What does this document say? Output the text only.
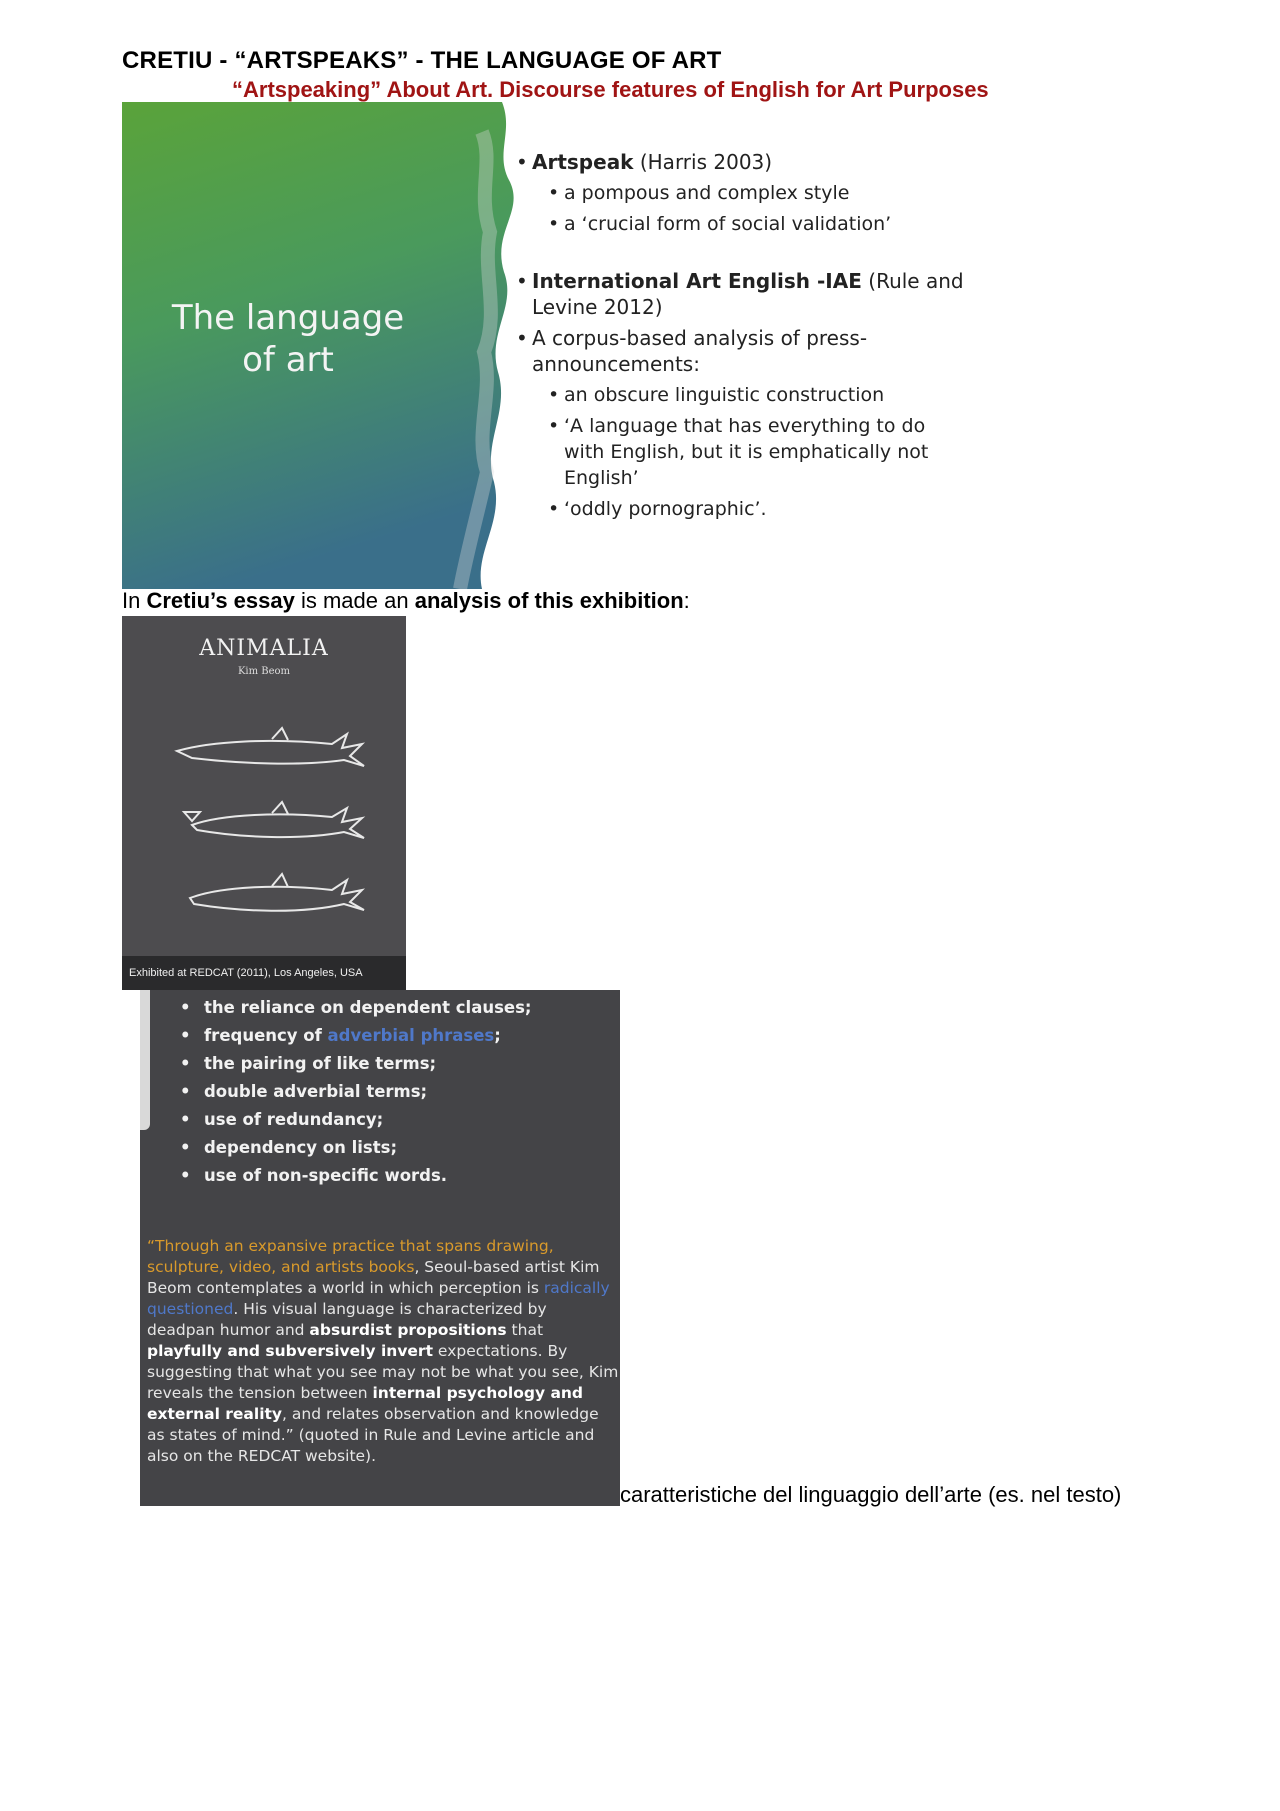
CRETIU - “ARTSPEAKS” - THE LANGUAGE OF ART
“Artspeaking” About Art. Discourse features of English for Art Purposes
The language
of art
• Artspeak (Harris 2003)
• a pompous and complex style
• a ‘crucial form of social validation’
• International Art English -IAE (Rule and Levine 2012)
• A corpus-based analysis of press-announcements:
• an obscure linguistic construction
• ‘A language that has everything to do with English, but it is emphatically not English’
• ‘oddly pornographic’.
In Cretiu’s essay is made an analysis of this exhibition:
ANIMALIA
Kim Beom
Exhibited at REDCAT (2011), Los Angeles, USA
• the reliance on dependent clauses;
• frequency of adverbial phrases;
• the pairing of like terms;
• double adverbial terms;
• use of redundancy;
• dependency on lists;
• use of non-specific words.
“Through an expansive practice that spans drawing, sculpture, video, and artists books, Seoul-based artist Kim Beom contemplates a world in which perception is radically questioned. His visual language is characterized by deadpan humor and absurdist propositions that playfully and subversively invert expectations. By suggesting that what you see may not be what you see, Kim reveals the tension between internal psychology and external reality, and relates observation and knowledge as states of mind.” (quoted in Rule and Levine article and also on the REDCAT website).
caratteristiche del linguaggio dell’arte (es. nel testo)
